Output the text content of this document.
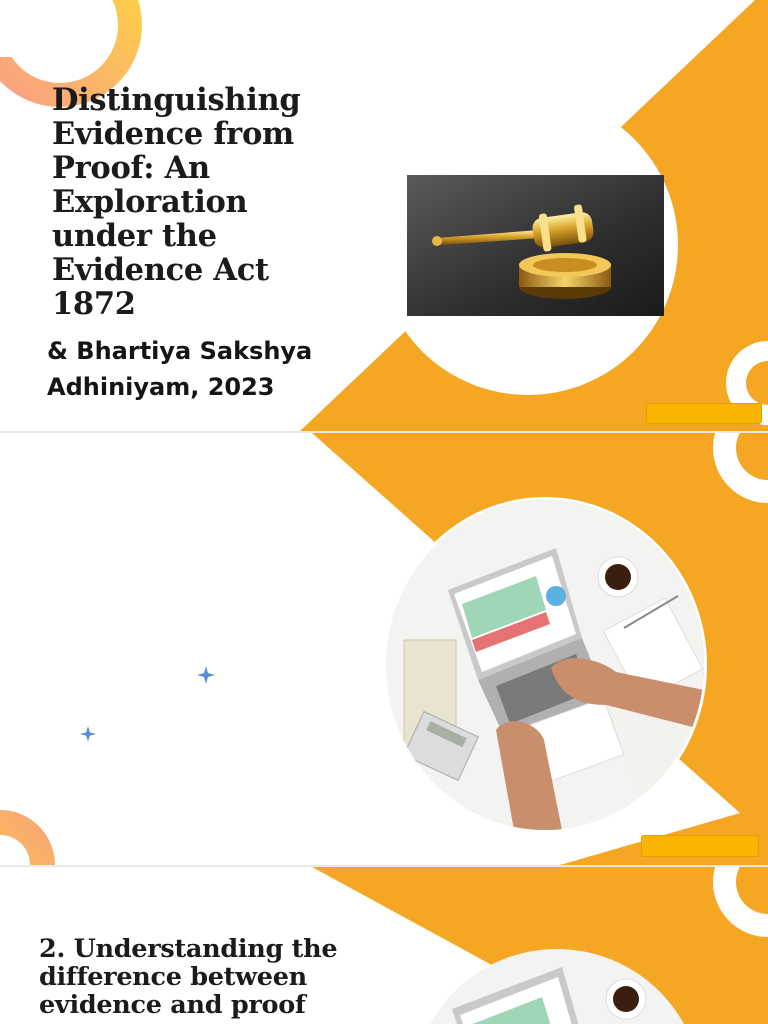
Distinguishing Evidence from Proof: An Exploration under the Evidence Act 1872

& Bhartiya Sakshya Adhiniyam, 2023

2. Understanding the difference between evidence and proof
